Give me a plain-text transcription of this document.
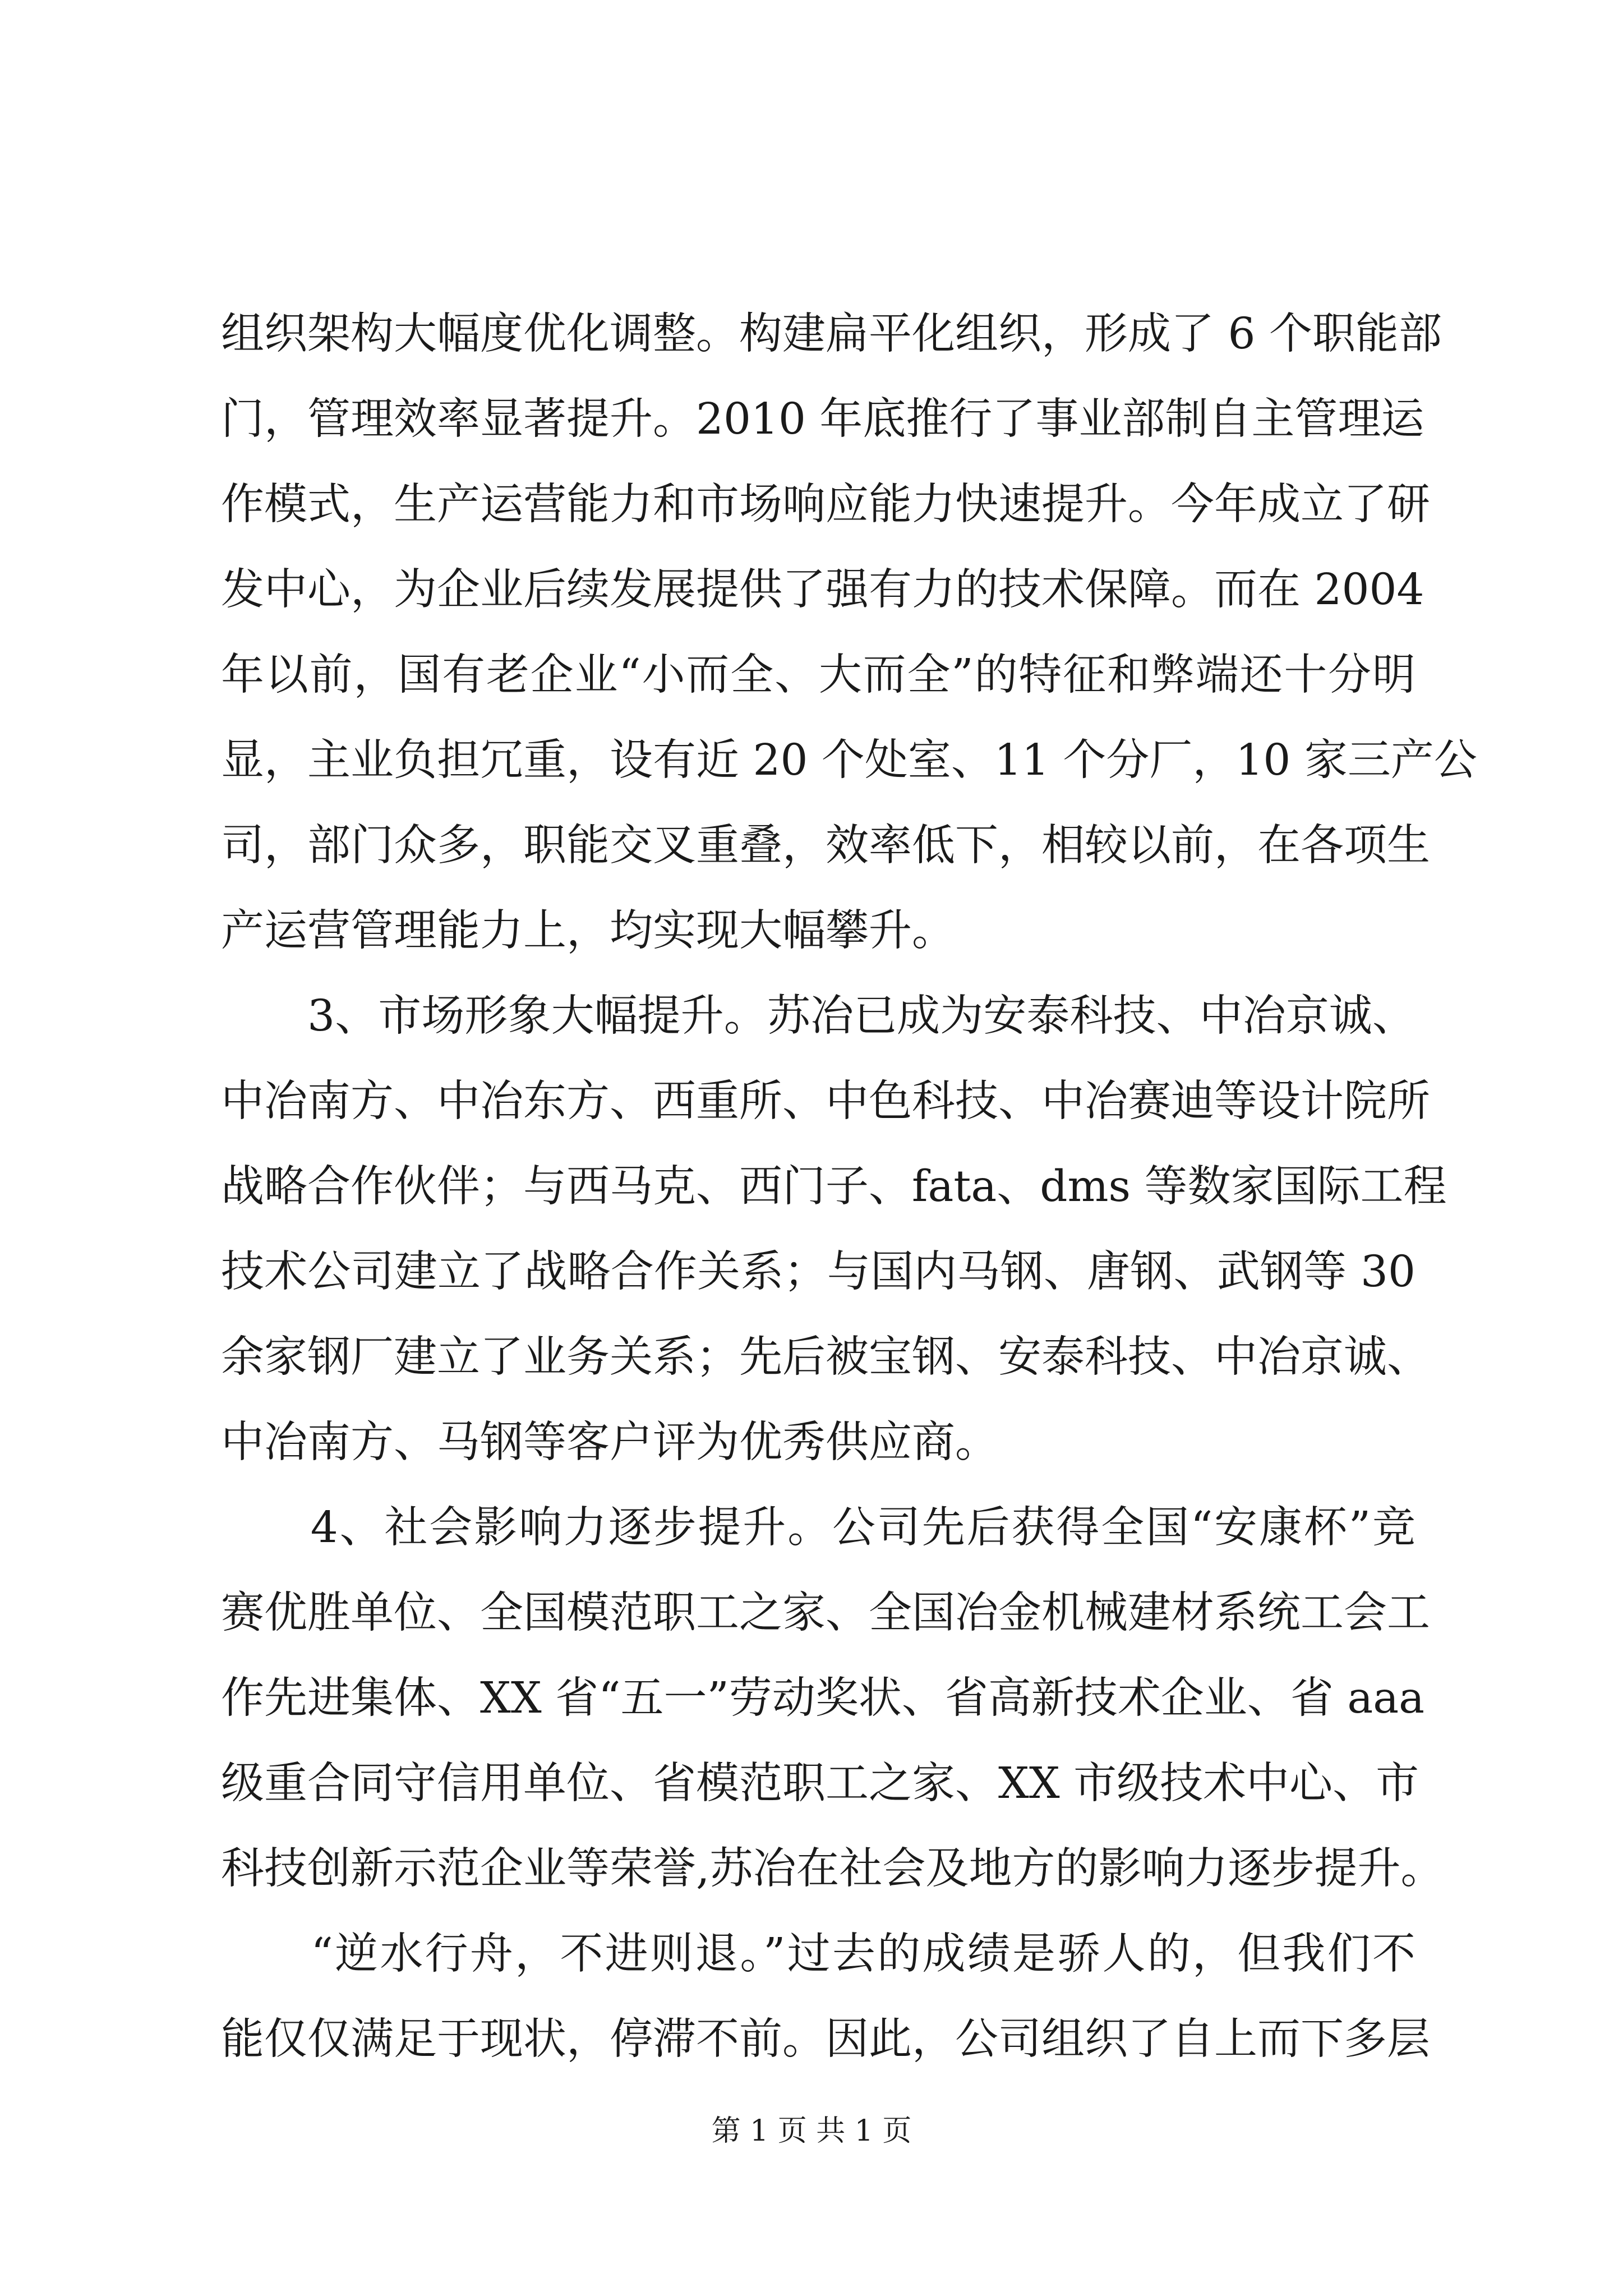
组织架构大幅度优化调整。构建扁平化组织，形成了 6 个职能部
门，管理效率显著提升。2010 年底推行了事业部制自主管理运
作模式，生产运营能力和市场响应能力快速提升。今年成立了研
发中心，为企业后续发展提供了强有力的技术保障。而在 2004
年以前，国有老企业“小而全、大而全”的特征和弊端还十分明
显，主业负担冗重，设有近 20 个处室、11 个分厂，10 家三产公
司，部门众多，职能交叉重叠，效率低下，相较以前，在各项生
产运营管理能力上，均实现大幅攀升。
　　3、市场形象大幅提升。苏冶已成为安泰科技、中冶京诚、
中冶南方、中冶东方、西重所、中色科技、中冶赛迪等设计院所
战略合作伙伴；与西马克、西门子、fata、dms 等数家国际工程
技术公司建立了战略合作关系；与国内马钢、唐钢、武钢等 30
余家钢厂建立了业务关系；先后被宝钢、安泰科技、中冶京诚、
中冶南方、马钢等客户评为优秀供应商。
　　4、社会影响力逐步提升。公司先后获得全国“安康杯”竞
赛优胜单位、全国模范职工之家、全国冶金机械建材系统工会工
作先进集体、XX 省“五一”劳动奖状、省高新技术企业、省 aaa
级重合同守信用单位、省模范职工之家、XX 市级技术中心、市
科技创新示范企业等荣誉,苏冶在社会及地方的影响力逐步提升。
　　“逆水行舟，不进则退。”过去的成绩是骄人的，但我们不
能仅仅满足于现状，停滞不前。因此，公司组织了自上而下多层
第 1 页 共 1 页
